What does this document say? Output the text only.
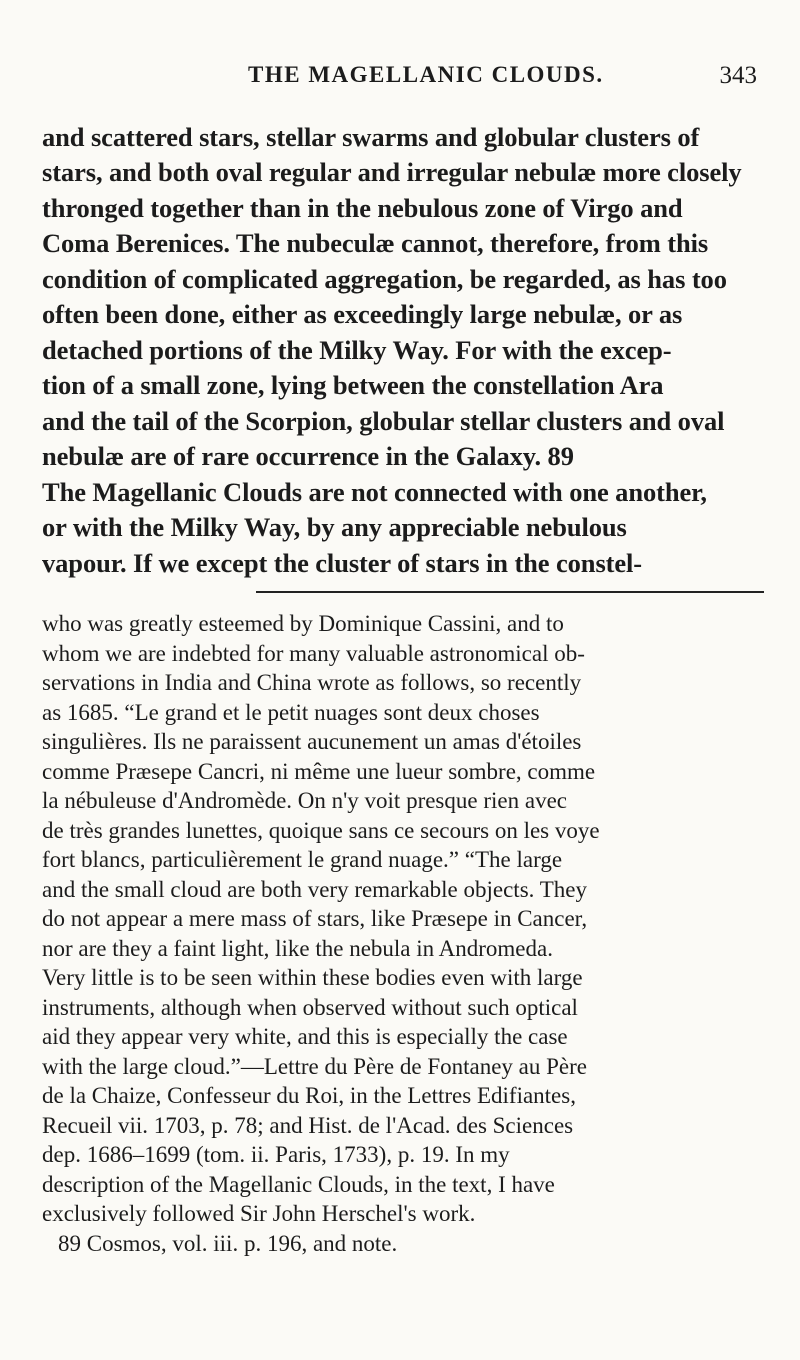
THE MAGELLANIC CLOUDS.	343
and scattered stars, stellar swarms and globular clusters of
stars, and both oval regular and irregular nebulæ more closely
thronged together than in the nebulous zone of Virgo and
Coma Berenices. The nubeculæ cannot, therefore, from this
condition of complicated aggregation, be regarded, as has too
often been done, either as exceedingly large nebulæ, or as
detached portions of the Milky Way. For with the excep-
tion of a small zone, lying between the constellation Ara
and the tail of the Scorpion, globular stellar clusters and oval
nebulæ are of rare occurrence in the Galaxy. 89
The Magellanic Clouds are not connected with one another,
or with the Milky Way, by any appreciable nebulous
vapour. If we except the cluster of stars in the constel-
who was greatly esteemed by Dominique Cassini, and to
whom we are indebted for many valuable astronomical ob-
servations in India and China wrote as follows, so recently
as 1685. “Le grand et le petit nuages sont deux choses
singulières. Ils ne paraissent aucunement un amas d'étoiles
comme Præsepe Cancri, ni même une lueur sombre, comme
la nébuleuse d'Andromède. On n'y voit presque rien avec
de très grandes lunettes, quoique sans ce secours on les voye
fort blancs, particulièrement le grand nuage.” “The large
and the small cloud are both very remarkable objects. They
do not appear a mere mass of stars, like Præsepe in Cancer,
nor are they a faint light, like the nebula in Andromeda.
Very little is to be seen within these bodies even with large
instruments, although when observed without such optical
aid they appear very white, and this is especially the case
with the large cloud.”—Lettre du Père de Fontaney au Père
de la Chaize, Confesseur du Roi, in the Lettres Edifiantes,
Recueil vii. 1703, p. 78; and Hist. de l'Acad. des Sciences
dep. 1686–1699 (tom. ii. Paris, 1733), p. 19. In my
description of the Magellanic Clouds, in the text, I have
exclusively followed Sir John Herschel's work.
89 Cosmos, vol. iii. p. 196, and note.
